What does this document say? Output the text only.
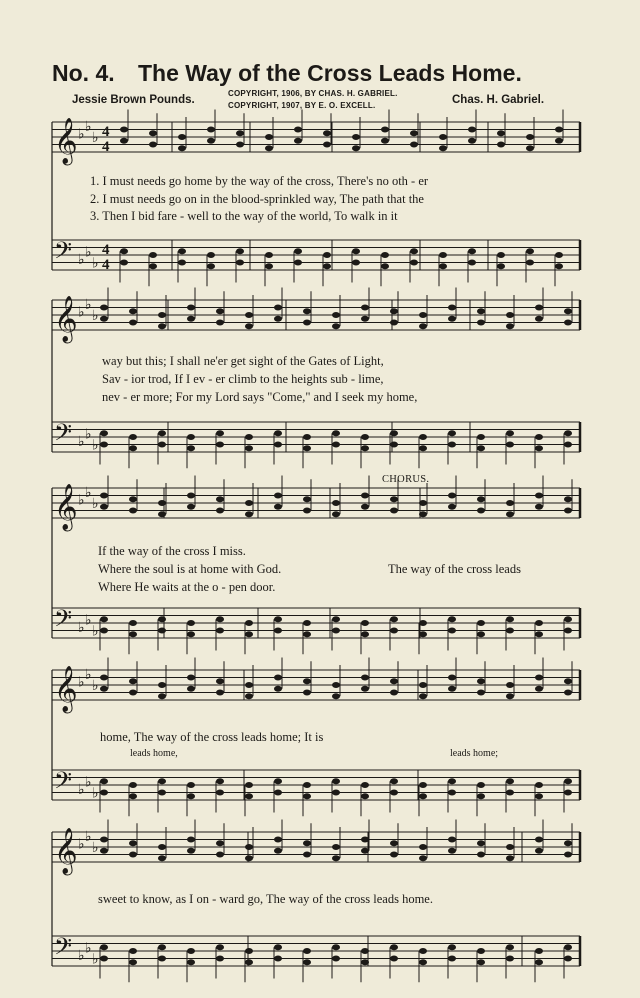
No. 4. The Way of the Cross Leads Home.
Jessie Brown Pounds.
COPYRIGHT, 1906, BY CHAS. H. GABRIEL.
COPYRIGHT, 1907, BY E. O. EXCELL.	Chas. H. Gabriel.
𝄞 ♭ ♭
♭ 4
4
𝄢 ♭ ♭
♭
4
4
𝄞 ♭ ♭
♭
𝄢 ♭ ♭
♭
𝄞 ♭ ♭
♭
𝄢 ♭ ♭
♭
𝄞 ♭ ♭
♭
𝄢 ♭ ♭
♭
𝄞 ♭ ♭
♭
𝄢 ♭ ♭
♭
1. I must needs go home by the way of the cross, There's no oth - er
2. I must needs go on in the blood-sprinkled way, The path that the
3. Then I bid fare - well to the way of the world, To walk in it
way but this; I shall ne'er get sight of the Gates of Light,
Sav - ior trod, If I ev - er climb to the heights sub - lime,
nev - er more; For my Lord says "Come," and I seek my home,
CHORUS.
If the way of the cross I miss.
Where the soul is at home with God.
Where He waits at the o - pen door.
The way of the cross leads
home, The way of the cross leads home; It is
leads home,	leads home;
sweet to know, as I on - ward go, The way of the cross leads home.
